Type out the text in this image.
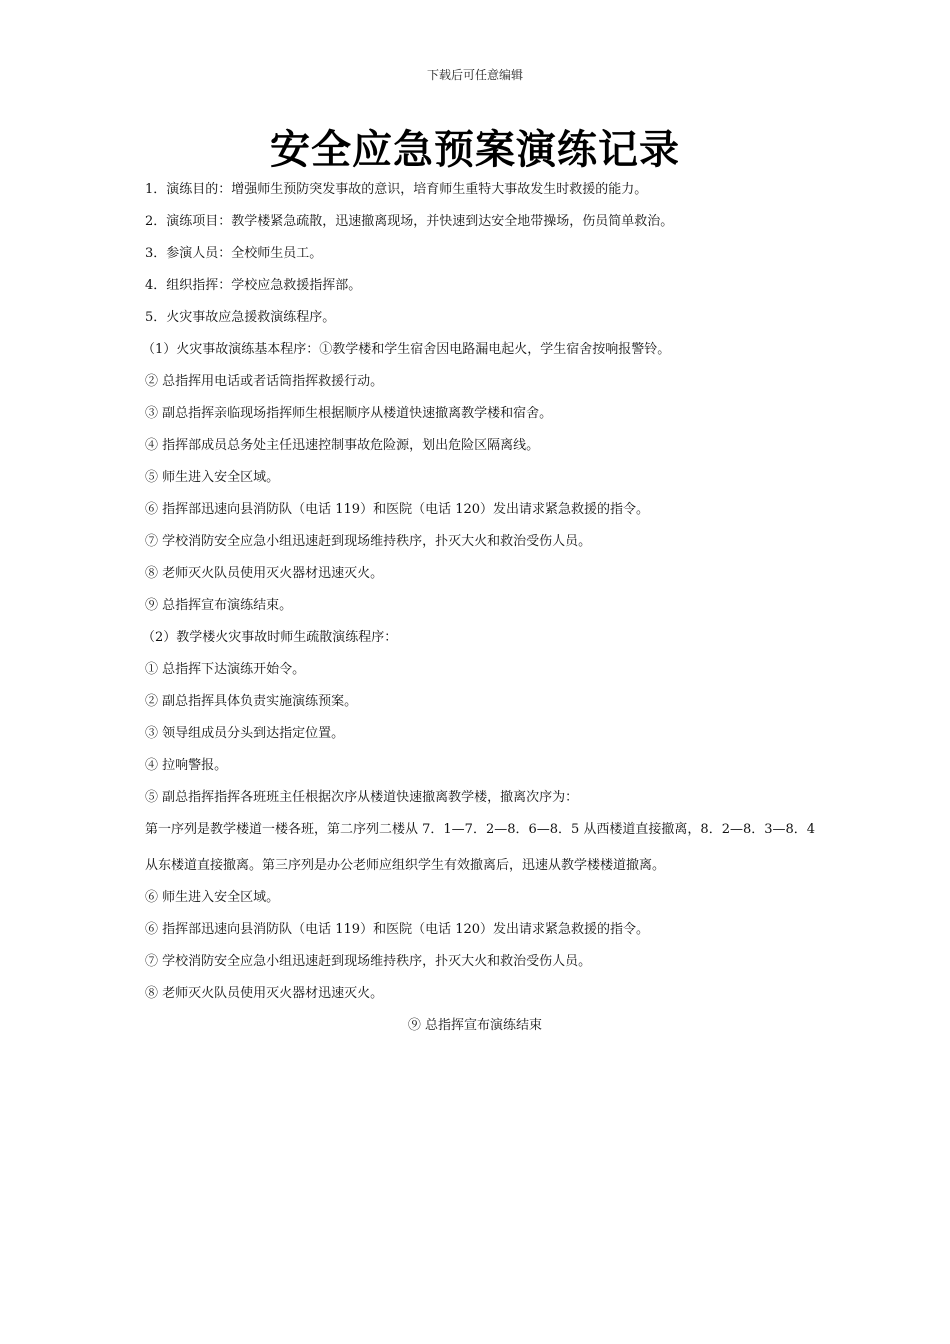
下载后可任意编辑
安全应急预案演练记录
1．演练目的：增强师生预防突发事故的意识，培育师生重特大事故发生时救援的能力。
2．演练项目：教学楼紧急疏散，迅速撤离现场，并快速到达安全地带操场，伤员简单救治。
3．参演人员：全校师生员工。
4．组织指挥：学校应急救援指挥部。
5．火灾事故应急援救演练程序。
（1）火灾事故演练基本程序：①教学楼和学生宿舍因电路漏电起火，学生宿舍按响报警铃。
② 总指挥用电话或者话筒指挥救援行动。
③ 副总指挥亲临现场指挥师生根据顺序从楼道快速撤离教学楼和宿舍。
④ 指挥部成员总务处主任迅速控制事故危险源，划出危险区隔离线。
⑤ 师生进入安全区域。
⑥ 指挥部迅速向县消防队（电话 119）和医院（电话 120）发出请求紧急救援的指令。
⑦ 学校消防安全应急小组迅速赶到现场维持秩序，扑灭大火和救治受伤人员。
⑧ 老师灭火队员使用灭火器材迅速灭火。
⑨ 总指挥宣布演练结束。
（2）教学楼火灾事故时师生疏散演练程序：
① 总指挥下达演练开始令。
② 副总指挥具体负责实施演练预案。
③ 领导组成员分头到达指定位置。
④ 拉响警报。
⑤ 副总指挥指挥各班班主任根据次序从楼道快速撤离教学楼，撤离次序为：
第一序列是教学楼道一楼各班，第二序列二楼从 7．1—7．2—8．6—8．5 从西楼道直接撤离，8．2—8．3—8．4
从东楼道直接撤离。第三序列是办公老师应组织学生有效撤离后，迅速从教学楼楼道撤离。
⑥ 师生进入安全区域。
⑥ 指挥部迅速向县消防队（电话 119）和医院（电话 120）发出请求紧急救援的指令。
⑦ 学校消防安全应急小组迅速赶到现场维持秩序，扑灭大火和救治受伤人员。
⑧ 老师灭火队员使用灭火器材迅速灭火。
⑨ 总指挥宣布演练结束
